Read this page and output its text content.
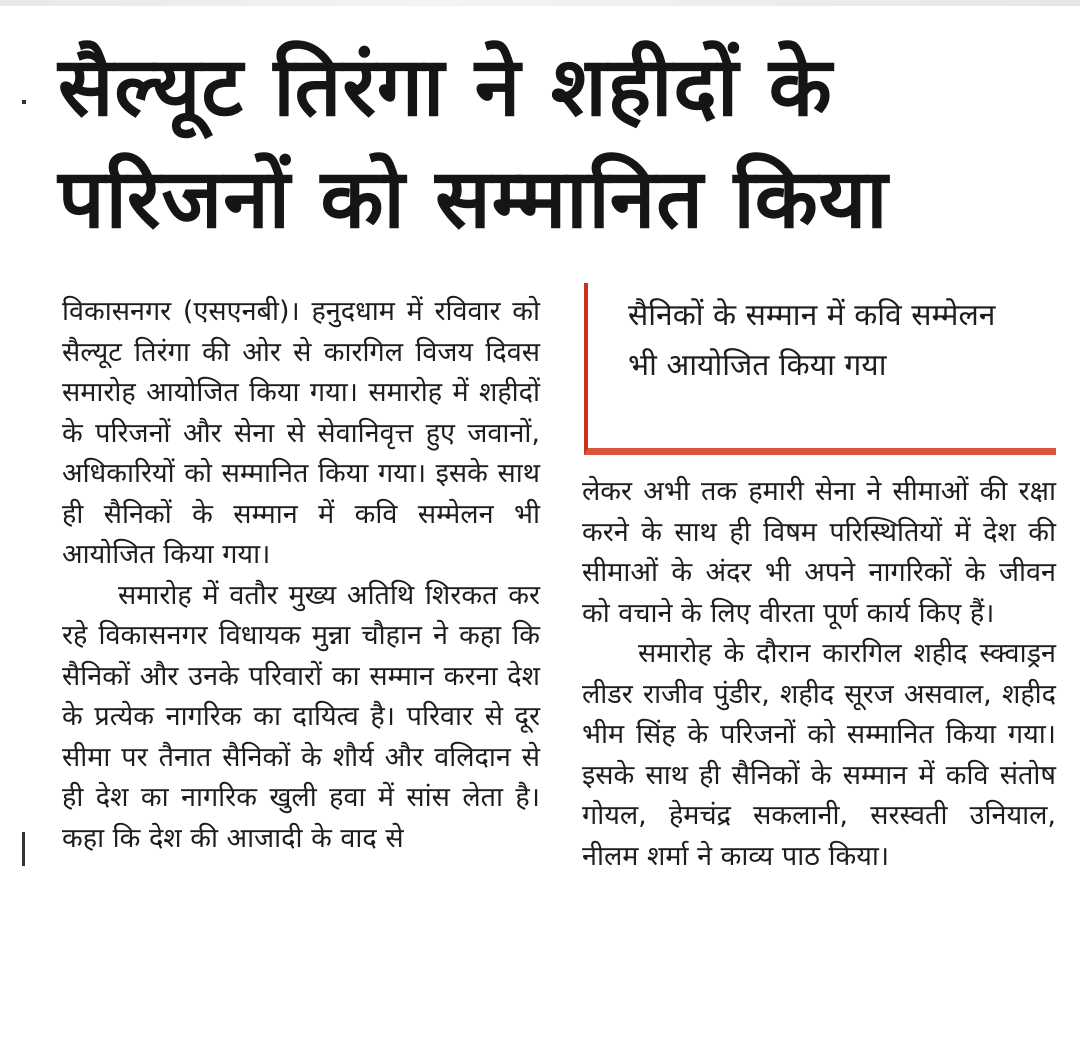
सैल्यूट तिरंगा ने शहीदों के
परिजनों को सम्मानित किया

विकासनगर (एसएनबी)। हनुदधाम में रविवार को सैल्यूट तिरंगा की ओर से कारगिल विजय दिवस समारोह आयोजित किया गया। समारोह में शहीदों के परिजनों और सेना से सेवानिवृत्त हुए जवानों, अधिकारियों को सम्मानित किया गया। इसके साथ ही सैनिकों के सम्मान में कवि सम्मेलन भी आयोजित किया गया।

समारोह में वतौर मुख्य अतिथि शिरकत कर रहे विकासनगर विधायक मुन्ना चौहान ने कहा कि सैनिकों और उनके परिवारों का सम्मान करना देश के प्रत्येक नागरिक का दायित्व है। परिवार से दूर सीमा पर तैनात सैनिकों के शौर्य और वलिदान से ही देश का नागरिक खुली हवा में सांस लेता है। कहा कि देश की आजादी के वाद से

सैनिकों के सम्मान में कवि सम्मेलन भी आयोजित किया गया

लेकर अभी तक हमारी सेना ने सीमाओं की रक्षा करने के साथ ही विषम परिस्थितियों में देश की सीमाओं के अंदर भी अपने नागरिकों के जीवन को वचाने के लिए वीरता पूर्ण कार्य किए हैं।

समारोह के दौरान कारगिल शहीद स्क्वाड्रन लीडर राजीव पुंडीर, शहीद सूरज असवाल, शहीद भीम सिंह के परिजनों को सम्मानित किया गया। इसके साथ ही सैनिकों के सम्मान में कवि संतोष गोयल, हेमचंद्र सकलानी, सरस्वती उनियाल, नीलम शर्मा ने काव्य पाठ किया।
